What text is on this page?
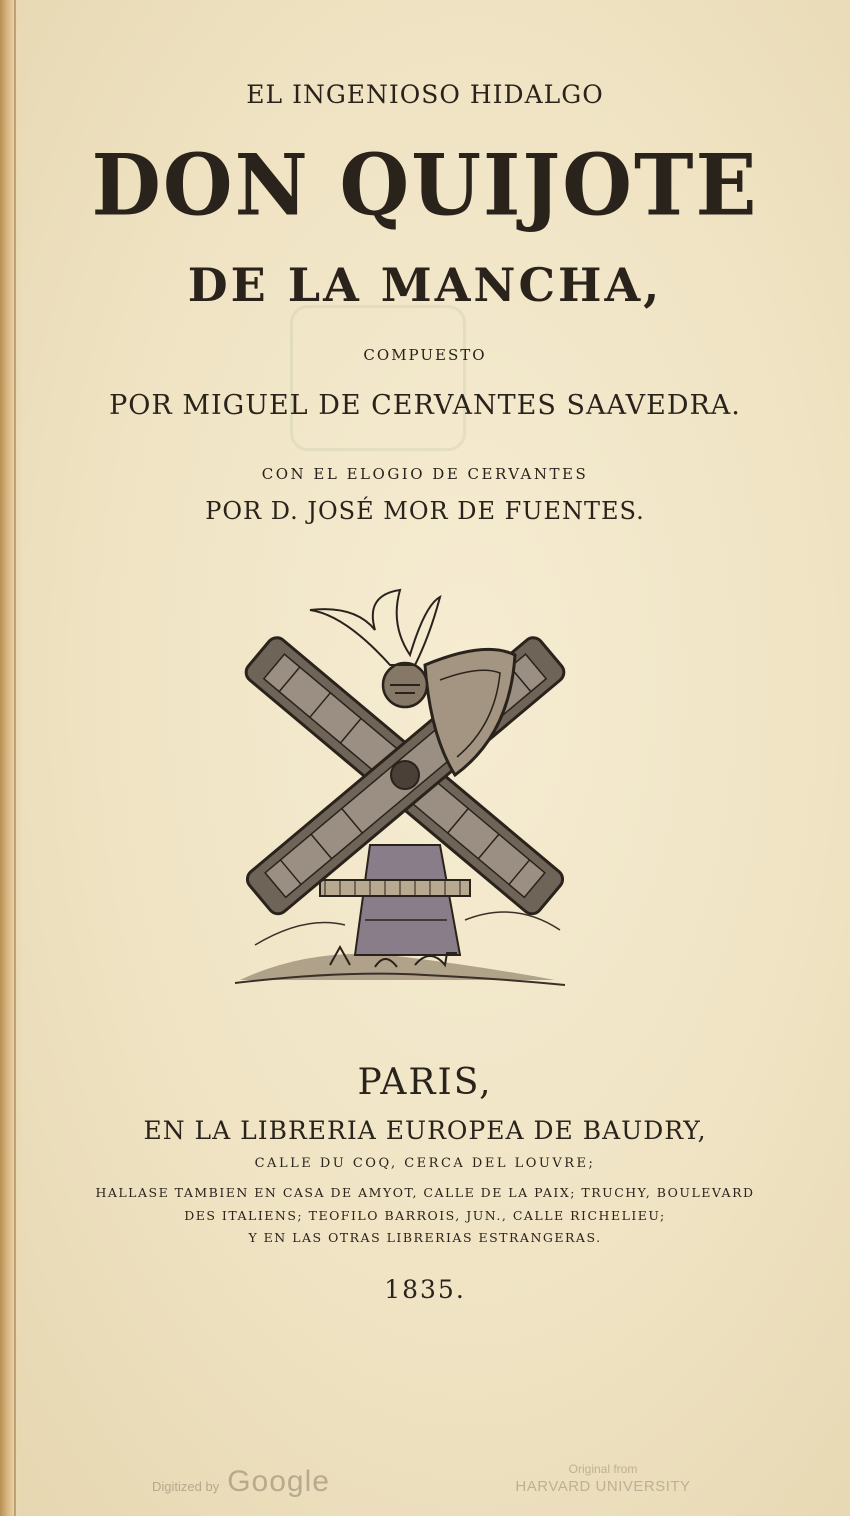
EL INGENIOSO HIDALGO
DON QUIJOTE
DE LA MANCHA,
COMPUESTO
POR MIGUEL DE CERVANTES SAAVEDRA.
CON EL ELOGIO DE CERVANTES
POR D. JOSÉ MOR DE FUENTES.
PARIS,
EN LA LIBRERIA EUROPEA DE BAUDRY,
CALLE DU COQ, CERCA DEL LOUVRE;
HALLASE TAMBIEN EN CASA DE AMYOT, CALLE DE LA PAIX; TRUCHY, BOULEVARD
DES ITALIENS; TEOFILO BARROIS, JUN., CALLE RICHELIEU;
Y EN LAS OTRAS LIBRERIAS ESTRANGERAS.
1835.
Digitized by Google	Original from
HARVARD UNIVERSITY
